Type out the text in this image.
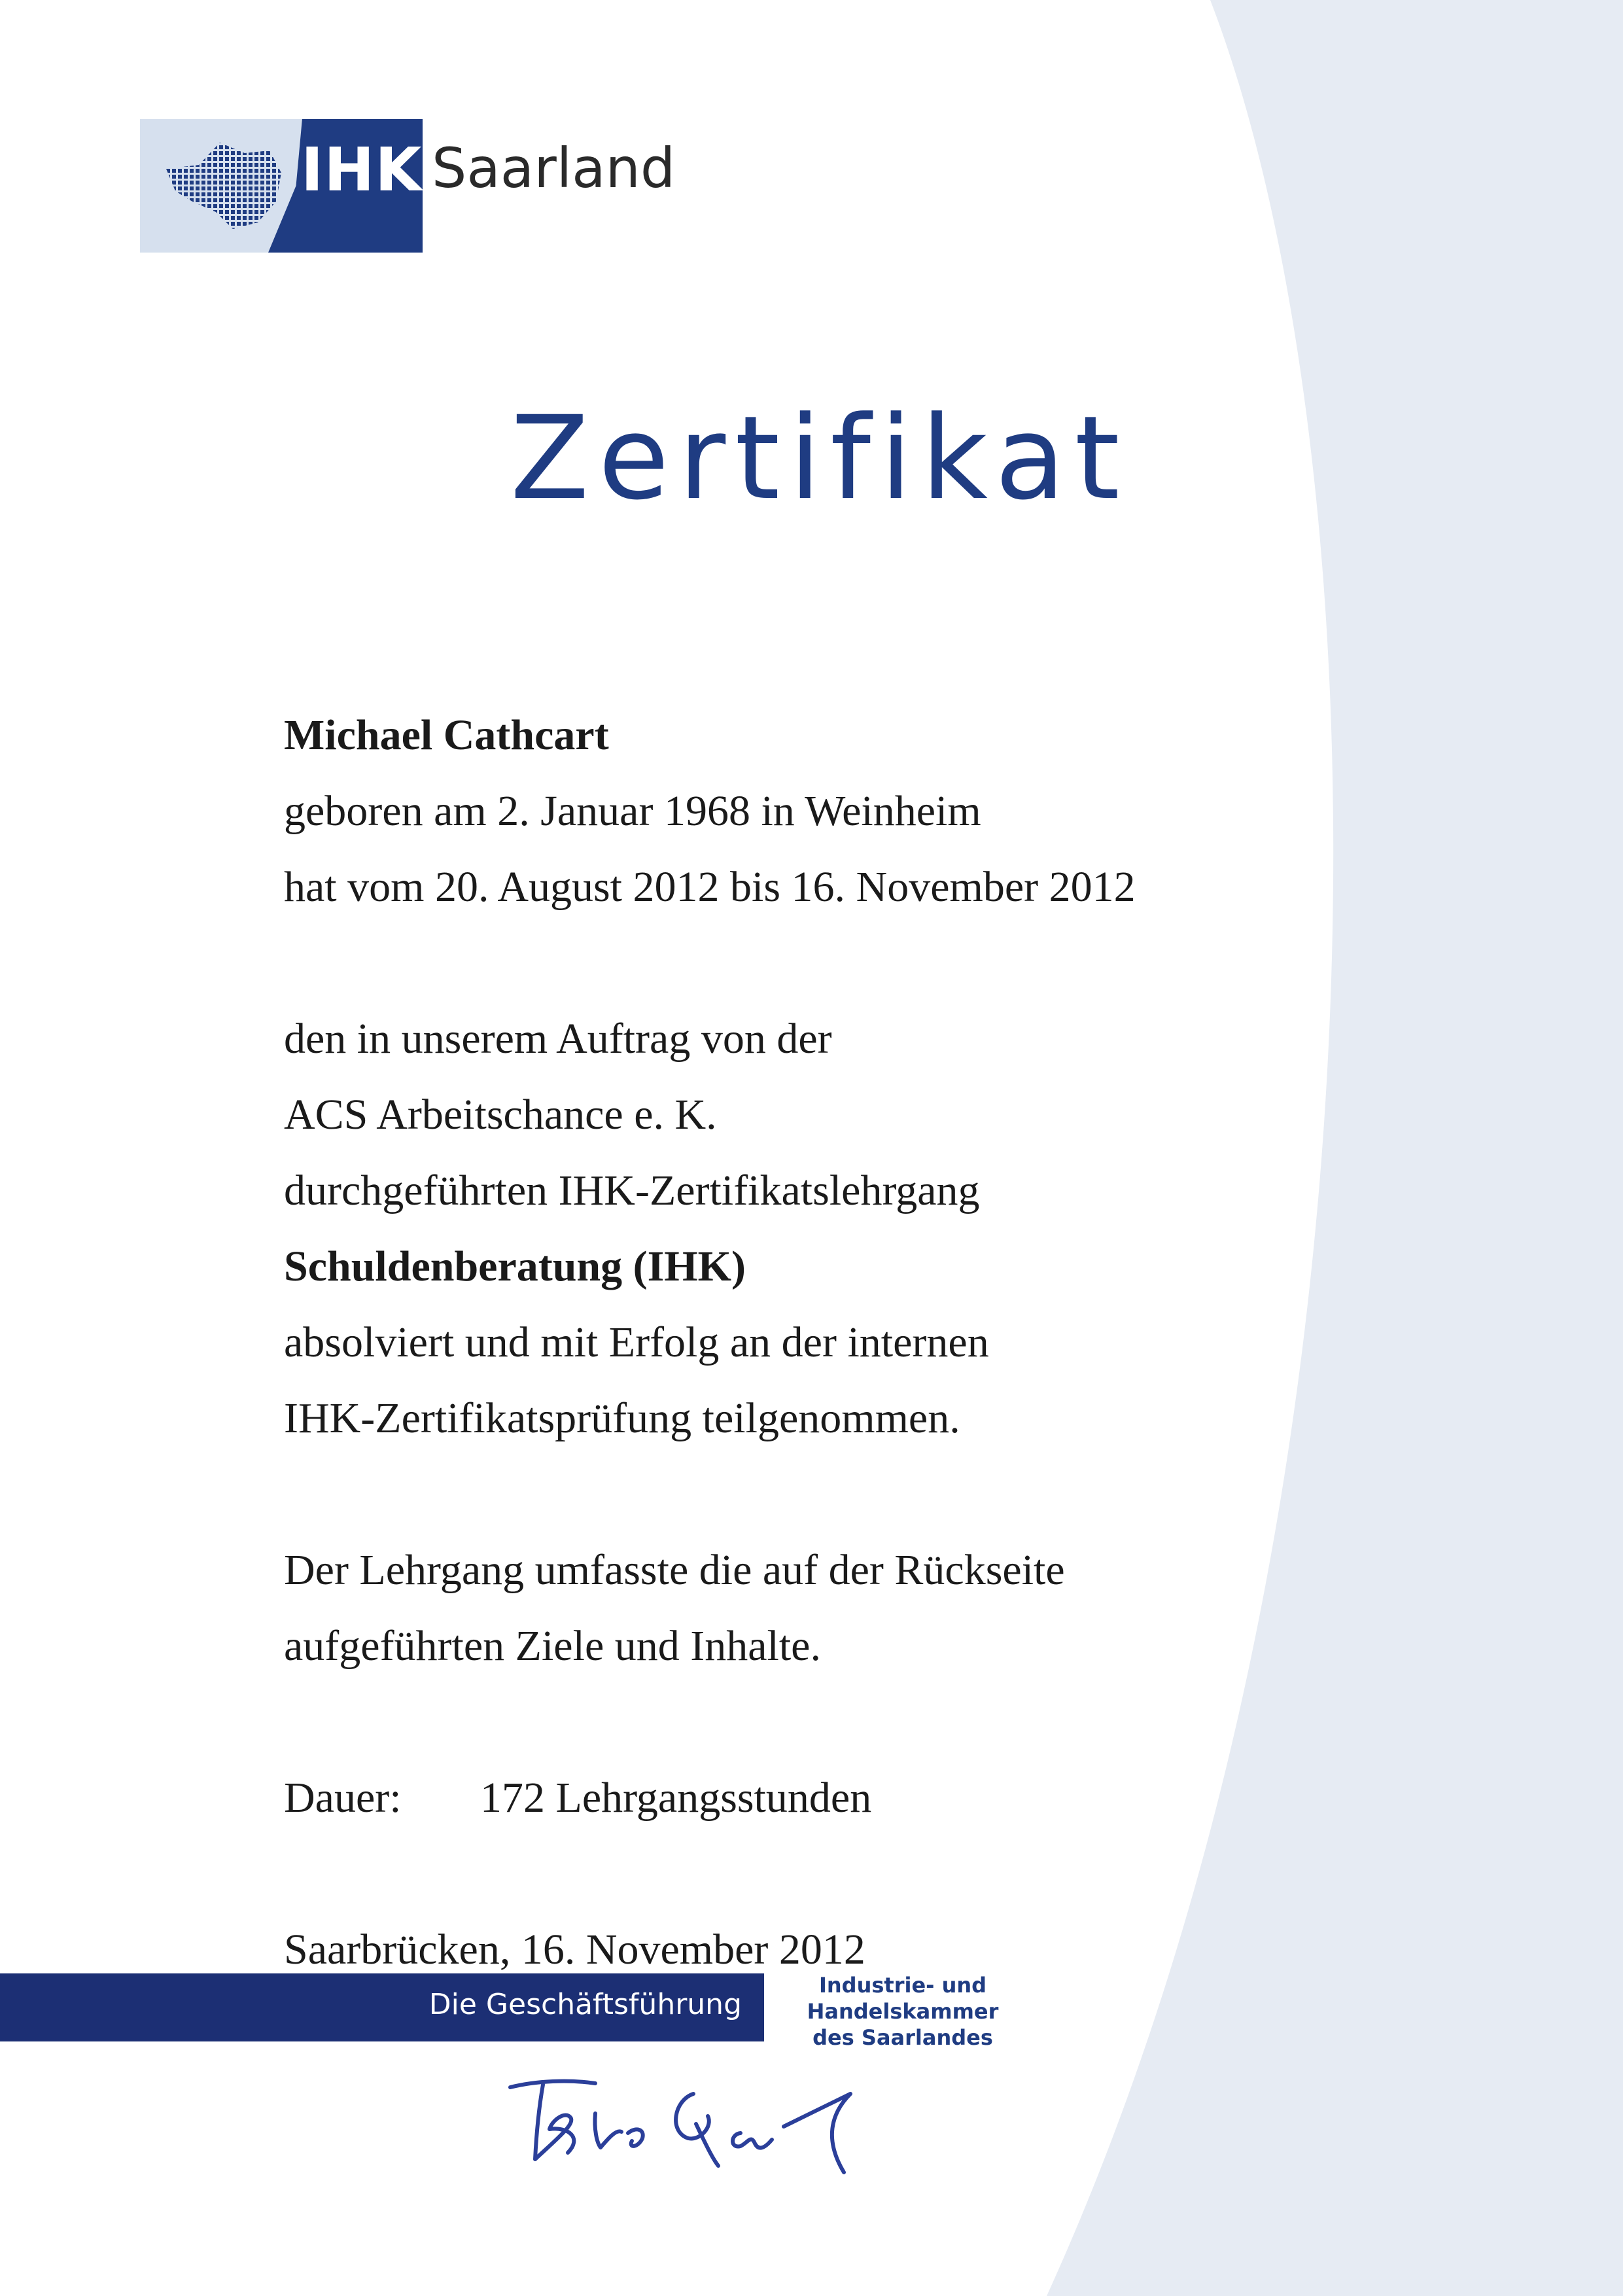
IHK Saarland
Zertifikat
Michael Cathcart
geboren am 2. Januar 1968 in Weinheim
hat vom 20. August 2012 bis 16. November 2012
den in unserem Auftrag von der
ACS Arbeitschance e. K.
durchgeführten IHK-Zertifikatslehrgang
Schuldenberatung (IHK)
absolviert und mit Erfolg an der internen
IHK-Zertifikatsprüfung teilgenommen.
Der Lehrgang umfasste die auf der Rückseite
aufgeführten Ziele und Inhalte.
Dauer: 172 Lehrgangsstunden
Saarbrücken, 16. November 2012
Die Geschäftsführung
Industrie- und
Handelskammer
des Saarlandes
